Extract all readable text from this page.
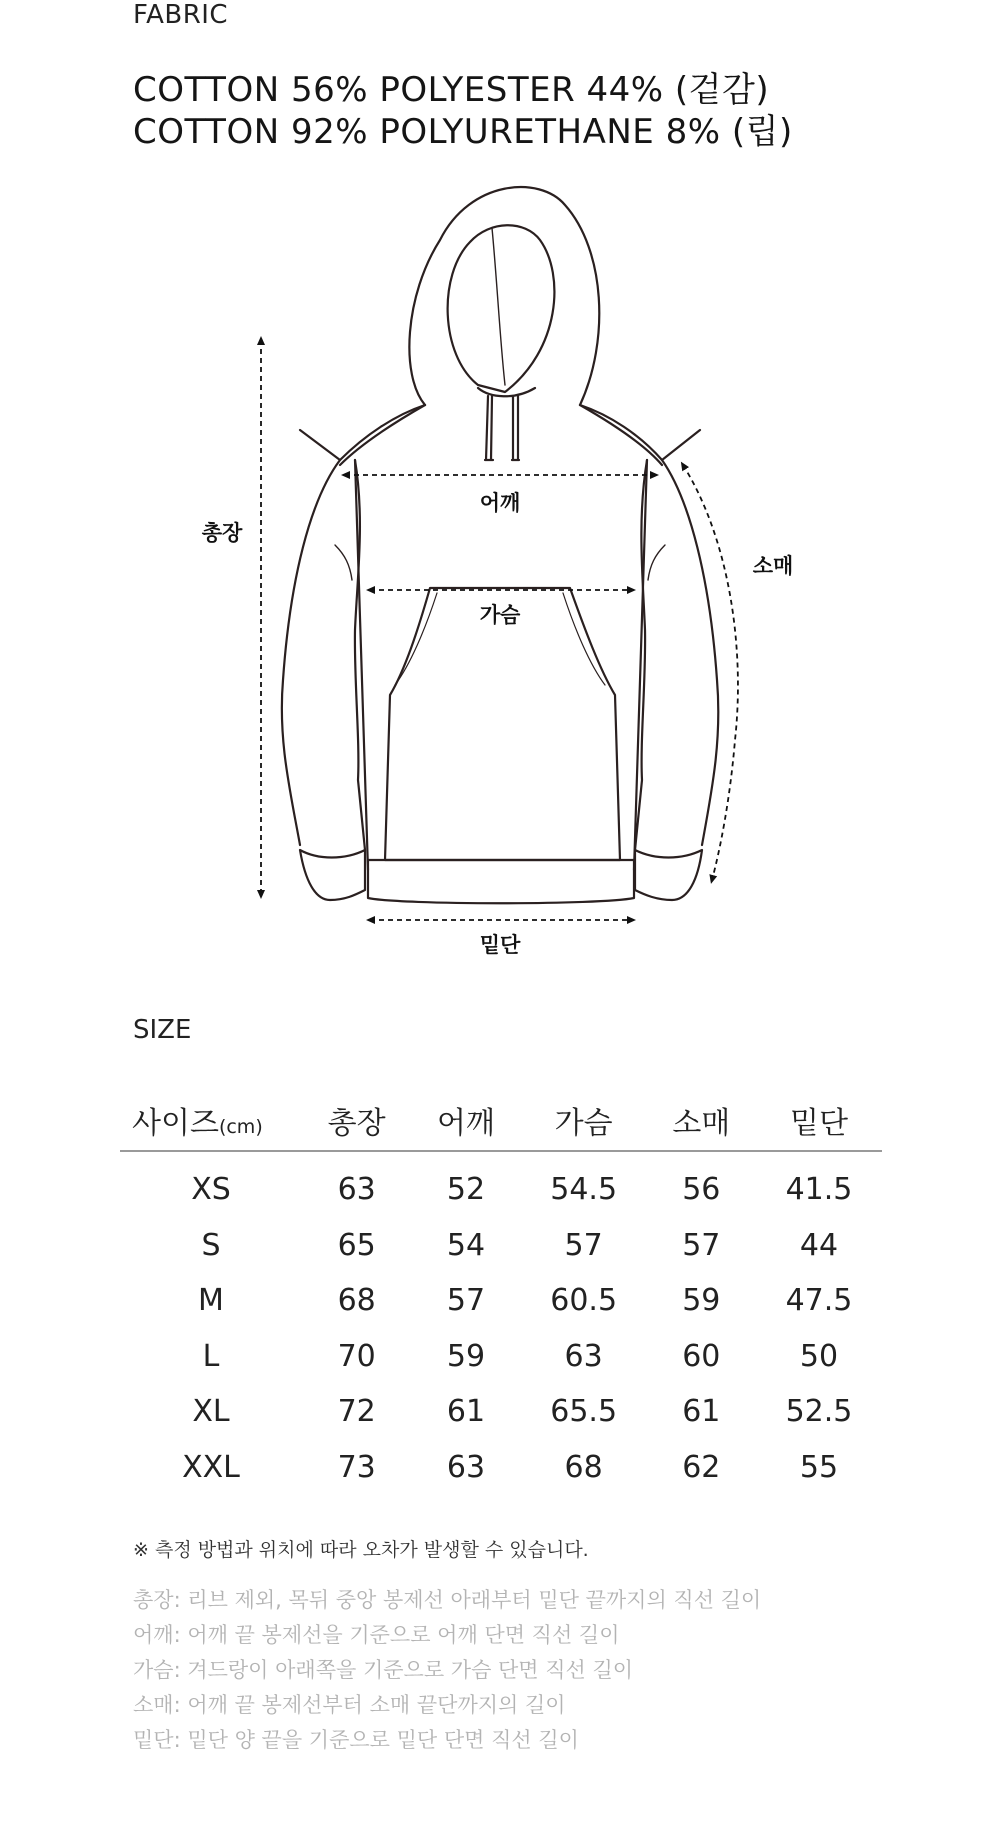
FABRIC
COTTON 56% POLYESTER 44% (겉감)
COTTON 92% POLYURETHANE 8% (립)
총장
어깨
가슴
소매
밑단
SIZE
사이즈(cm)	총장	어깨	가슴	소매	밑단
XS	63	52	54.5	56	41.5
S	65	54	57	57	44
M	68	57	60.5	59	47.5
L	70	59	63	60	50
XL	72	61	65.5	61	52.5
XXL	73	63	68	62	55
※ 측정 방법과 위치에 따라 오차가 발생할 수 있습니다.
총장: 리브 제외, 목뒤 중앙 봉제선 아래부터 밑단 끝까지의 직선 길이
어깨: 어깨 끝 봉제선을 기준으로 어깨 단면 직선 길이
가슴: 겨드랑이 아래쪽을 기준으로 가슴 단면 직선 길이
소매: 어깨 끝 봉제선부터 소매 끝단까지의 길이
밑단: 밑단 양 끝을 기준으로 밑단 단면 직선 길이
